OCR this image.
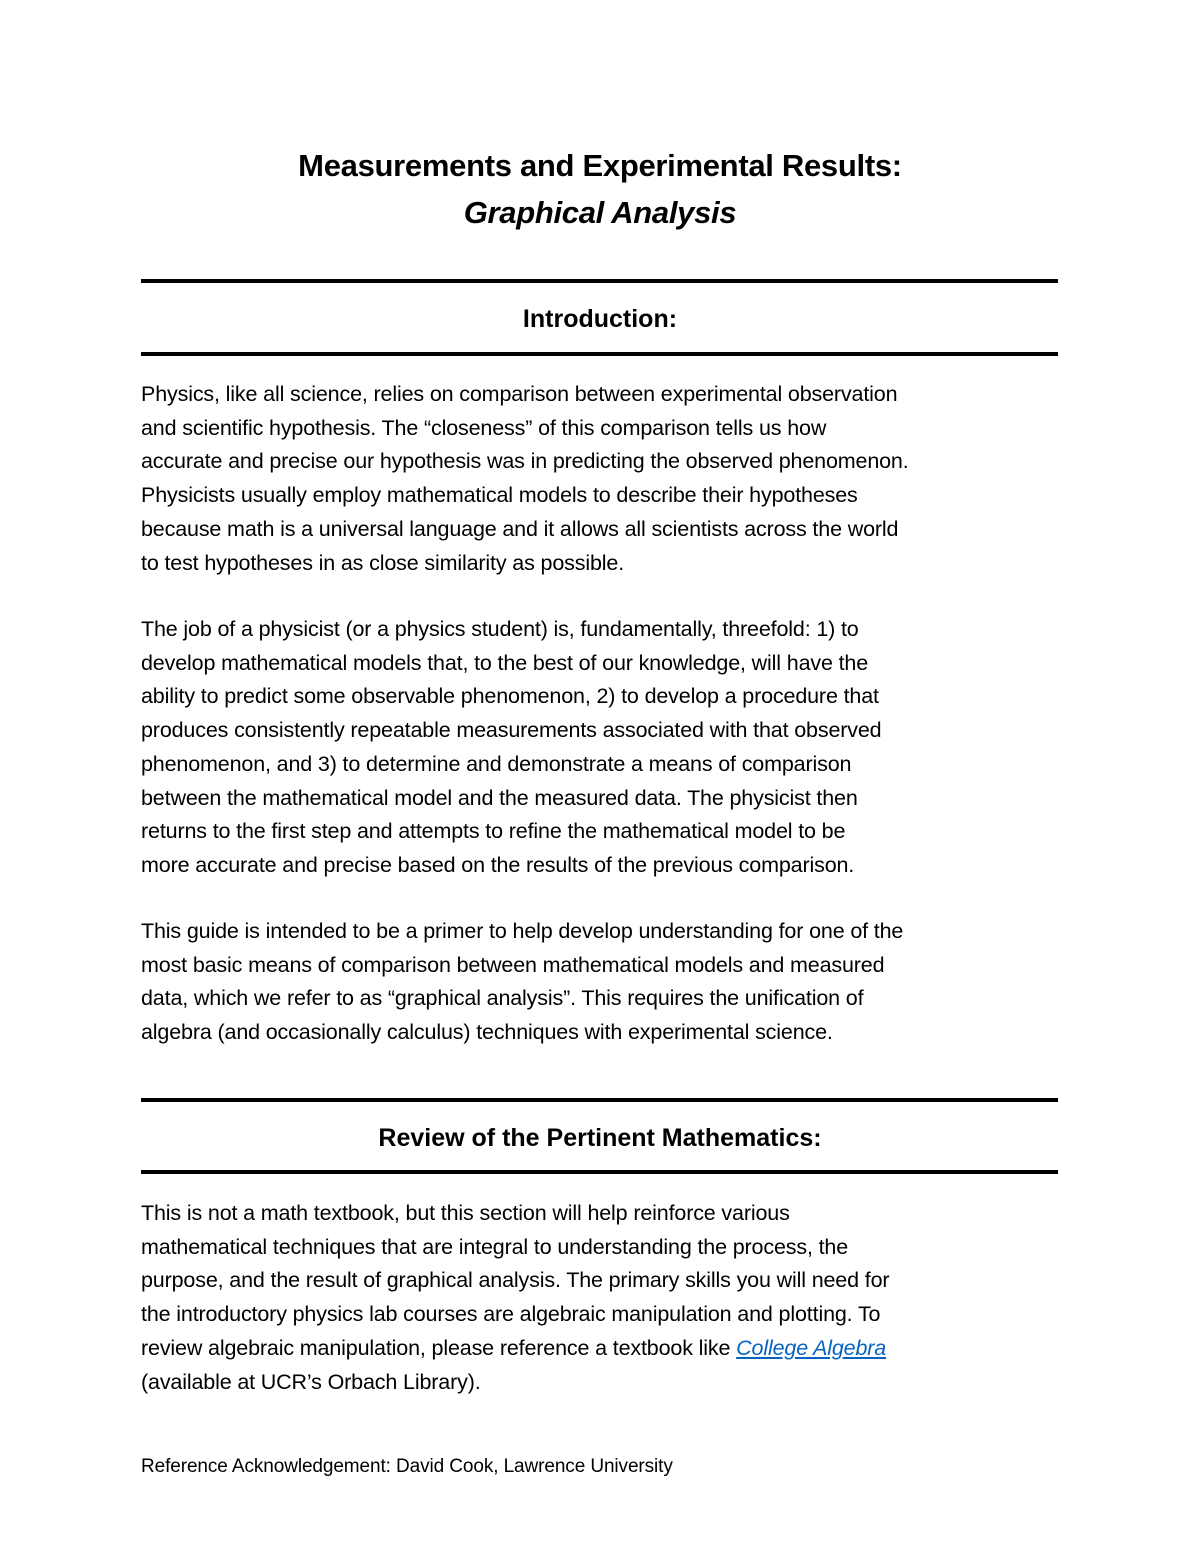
Measurements and Experimental Results:
Graphical Analysis
Introduction:
Physics, like all science, relies on comparison between experimental observation
and scientific hypothesis. The “closeness” of this comparison tells us how
accurate and precise our hypothesis was in predicting the observed phenomenon.
Physicists usually employ mathematical models to describe their hypotheses
because math is a universal language and it allows all scientists across the world
to test hypotheses in as close similarity as possible.
The job of a physicist (or a physics student) is, fundamentally, threefold: 1) to
develop mathematical models that, to the best of our knowledge, will have the
ability to predict some observable phenomenon, 2) to develop a procedure that
produces consistently repeatable measurements associated with that observed
phenomenon, and 3) to determine and demonstrate a means of comparison
between the mathematical model and the measured data. The physicist then
returns to the first step and attempts to refine the mathematical model to be
more accurate and precise based on the results of the previous comparison.
This guide is intended to be a primer to help develop understanding for one of the
most basic means of comparison between mathematical models and measured
data, which we refer to as “graphical analysis”. This requires the unification of
algebra (and occasionally calculus) techniques with experimental science.
Review of the Pertinent Mathematics:
This is not a math textbook, but this section will help reinforce various
mathematical techniques that are integral to understanding the process, the
purpose, and the result of graphical analysis. The primary skills you will need for
the introductory physics lab courses are algebraic manipulation and plotting. To
review algebraic manipulation, please reference a textbook like College Algebra
(available at UCR’s Orbach Library).
Reference Acknowledgement: David Cook, Lawrence University
